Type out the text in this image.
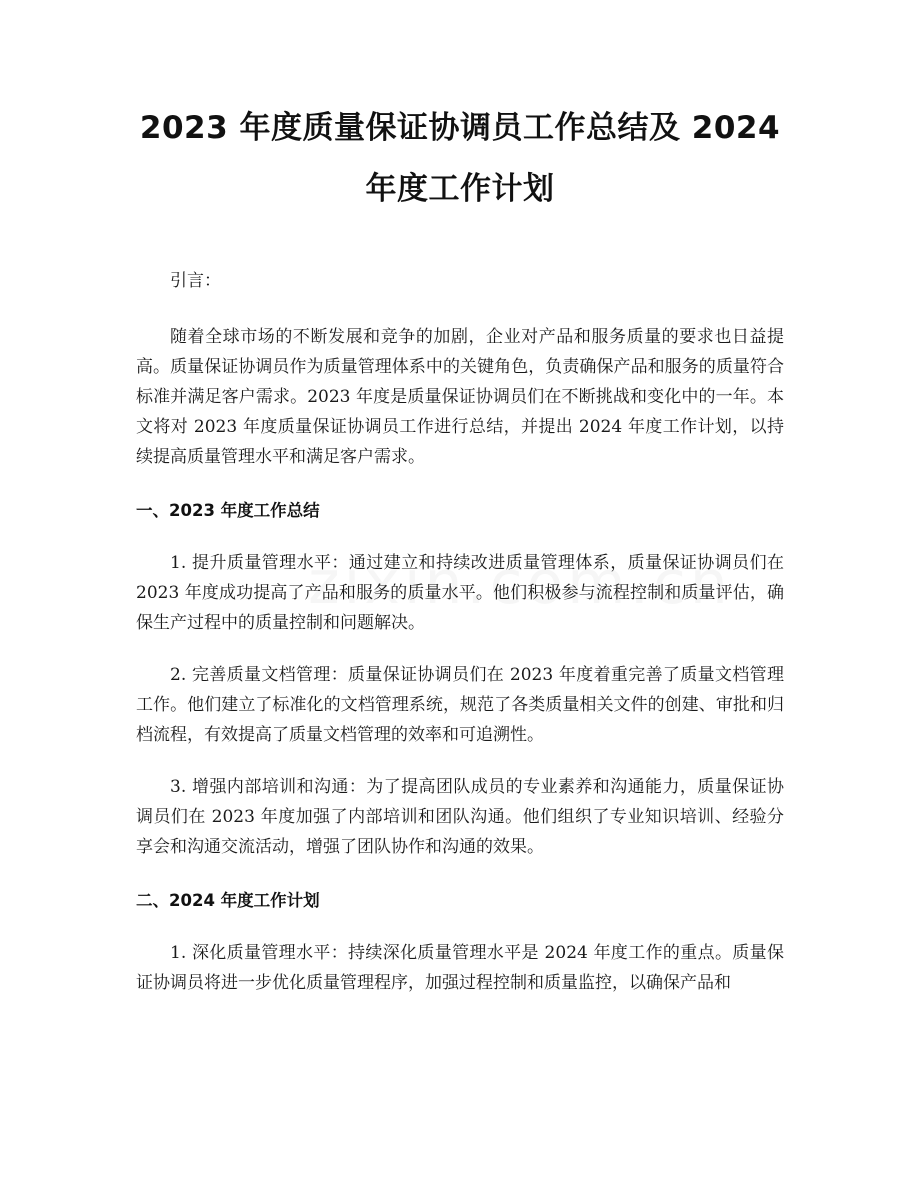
2023 年度质量保证协调员工作总结及 2024
年度工作计划

引言：

随着全球市场的不断发展和竞争的加剧，企业对产品和服务质量的要求也日益提高。质量保证协调员作为质量管理体系中的关键角色，负责确保产品和服务的质量符合标准并满足客户需求。2023 年度是质量保证协调员们在不断挑战和变化中的一年。本文将对 2023 年度质量保证协调员工作进行总结，并提出 2024 年度工作计划，以持续提高质量管理水平和满足客户需求。

一、2023 年度工作总结

1. 提升质量管理水平：通过建立和持续改进质量管理体系，质量保证协调员们在 2023 年度成功提高了产品和服务的质量水平。他们积极参与流程控制和质量评估，确保生产过程中的质量控制和问题解决。

2. 完善质量文档管理：质量保证协调员们在 2023 年度着重完善了质量文档管理工作。他们建立了标准化的文档管理系统，规范了各类质量相关文件的创建、审批和归档流程，有效提高了质量文档管理的效率和可追溯性。

3. 增强内部培训和沟通：为了提高团队成员的专业素养和沟通能力，质量保证协调员们在 2023 年度加强了内部培训和团队沟通。他们组织了专业知识培训、经验分享会和沟通交流活动，增强了团队协作和沟通的效果。

二、2024 年度工作计划

1. 深化质量管理水平：持续深化质量管理水平是 2024 年度工作的重点。质量保证协调员将进一步优化质量管理程序，加强过程控制和质量监控，以确保产品和
